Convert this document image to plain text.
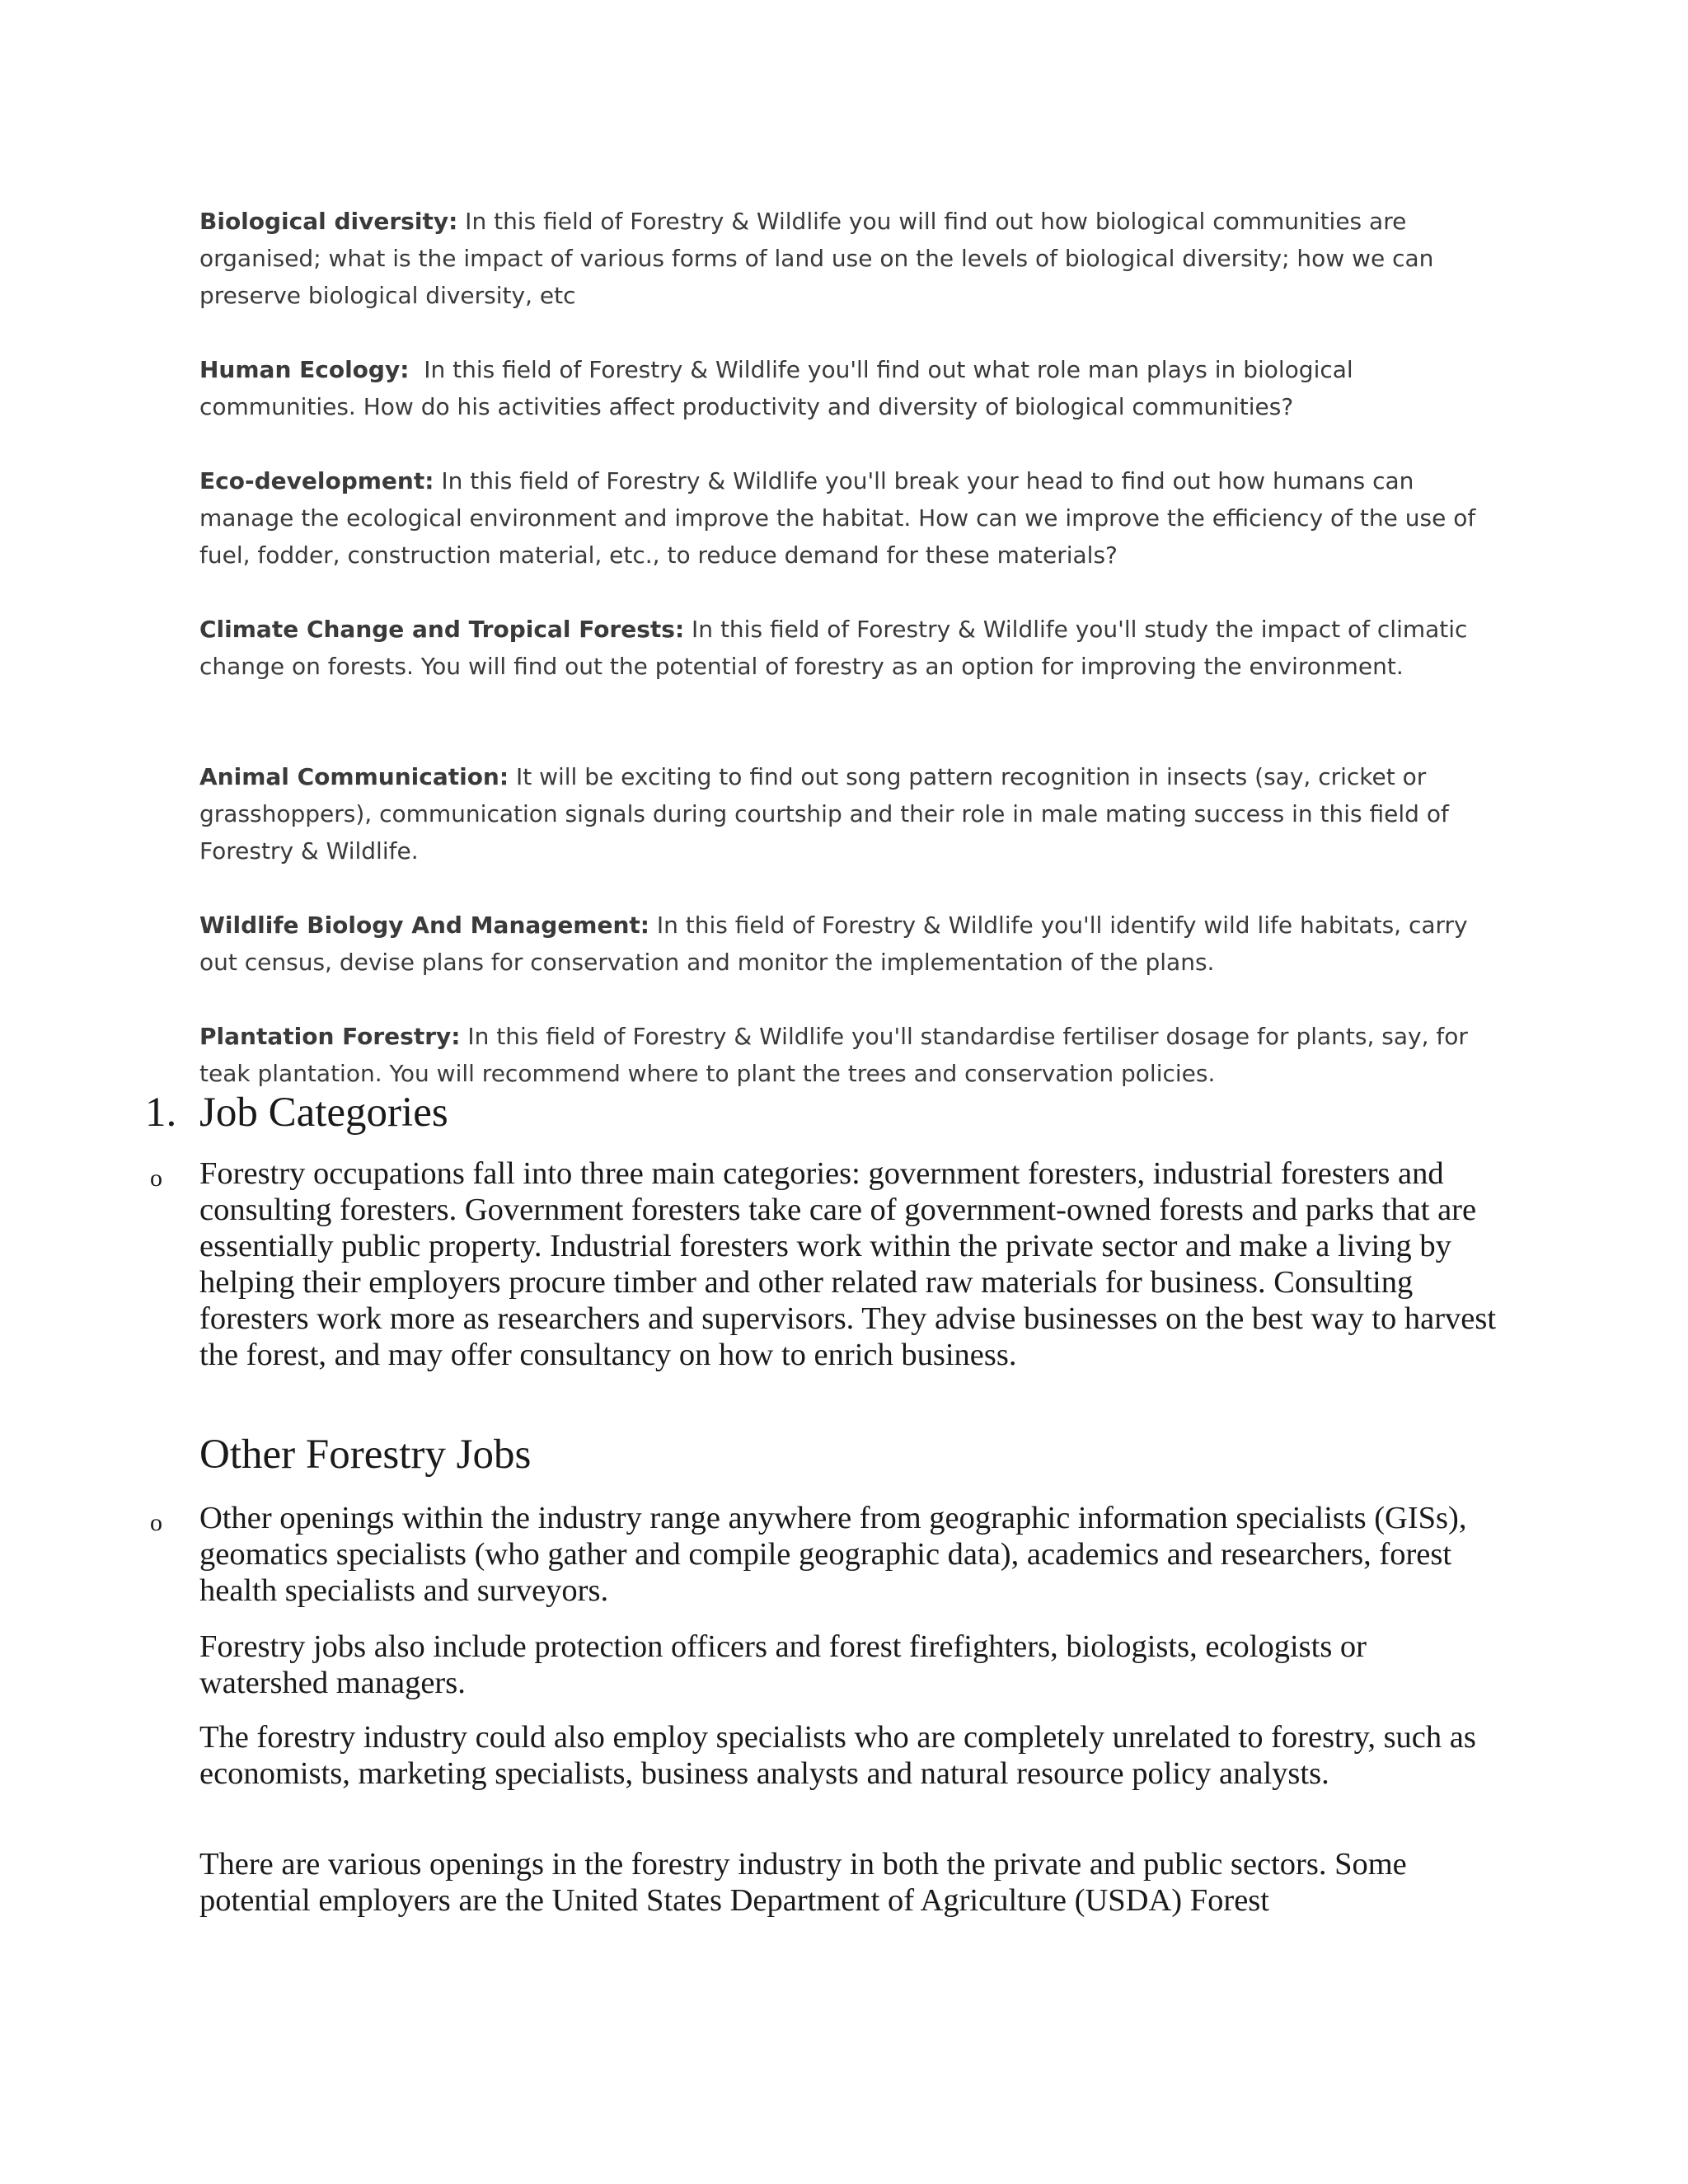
Biological diversity: In this field of Forestry & Wildlife you will find out how biological communities are organised; what is the impact of various forms of land use on the levels of biological diversity; how we can preserve biological diversity, etc

Human Ecology:  In this field of Forestry & Wildlife you'll find out what role man plays in biological communities. How do his activities affect productivity and diversity of biological communities?

Eco-development: In this field of Forestry & Wildlife you'll break your head to find out how humans can manage the ecological environment and improve the habitat. How can we improve the efficiency of the use of fuel, fodder, construction material, etc., to reduce demand for these materials?

Climate Change and Tropical Forests: In this field of Forestry & Wildlife you'll study the impact of climatic change on forests. You will find out the potential of forestry as an option for improving the environment.

Animal Communication: It will be exciting to find out song pattern recognition in insects (say, cricket or grasshoppers), communication signals during courtship and their role in male mating success in this field of Forestry & Wildlife.

Wildlife Biology And Management: In this field of Forestry & Wildlife you'll identify wild life habitats, carry out census, devise plans for conservation and monitor the implementation of the plans.

Plantation Forestry: In this field of Forestry & Wildlife you'll standardise fertiliser dosage for plants, say, for teak plantation. You will recommend where to plant the trees and conservation policies.

1. Job Categories

o Forestry occupations fall into three main categories: government foresters, industrial foresters and consulting foresters. Government foresters take care of government-owned forests and parks that are essentially public property. Industrial foresters work within the private sector and make a living by helping their employers procure timber and other related raw materials for business. Consulting foresters work more as researchers and supervisors. They advise businesses on the best way to harvest the forest, and may offer consultancy on how to enrich business.

Other Forestry Jobs

o Other openings within the industry range anywhere from geographic information specialists (GISs), geomatics specialists (who gather and compile geographic data), academics and researchers, forest health specialists and surveyors.

Forestry jobs also include protection officers and forest firefighters, biologists, ecologists or watershed managers.

The forestry industry could also employ specialists who are completely unrelated to forestry, such as economists, marketing specialists, business analysts and natural resource policy analysts.

There are various openings in the forestry industry in both the private and public sectors. Some potential employers are the United States Department of Agriculture (USDA) Forest
